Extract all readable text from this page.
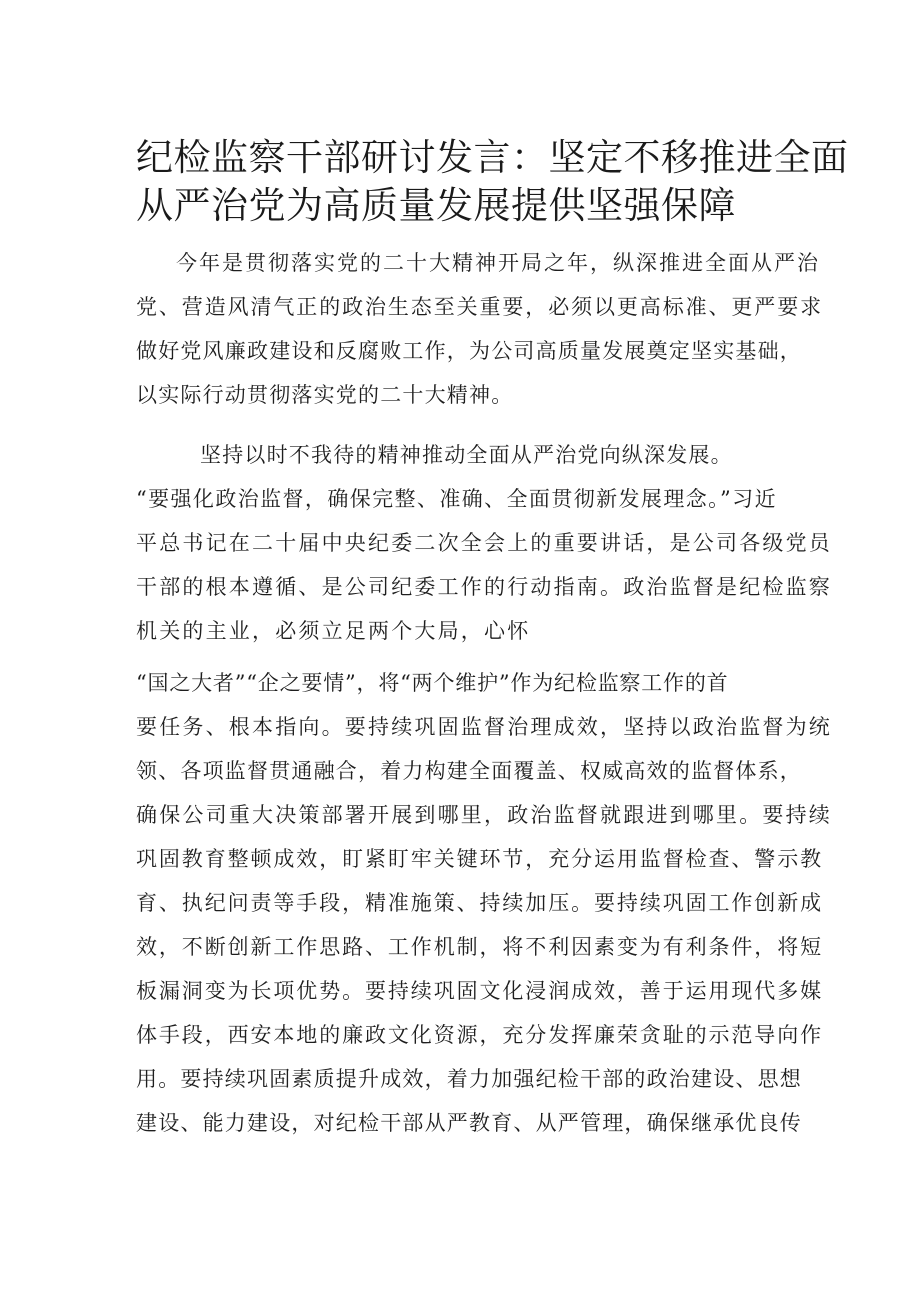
纪检监察干部研讨发言：坚定不移推进全面
从严治党为高质量发展提供坚强保障

今年是贯彻落实党的二十大精神开局之年，纵深推进全面从严治

党、营造风清气正的政治生态至关重要，必须以更高标准、更严要求

做好党风廉政建设和反腐败工作，为公司高质量发展奠定坚实基础，

以实际行动贯彻落实党的二十大精神。

坚持以时不我待的精神推动全面从严治党向纵深发展。

“要强化政治监督，确保完整、准确、全面贯彻新发展理念。”习近

平总书记在二十届中央纪委二次全会上的重要讲话，是公司各级党员

干部的根本遵循、是公司纪委工作的行动指南。政治监督是纪检监察

机关的主业，必须立足两个大局，心怀

“国之大者”“企之要情”，将“两个维护”作为纪检监察工作的首

要任务、根本指向。要持续巩固监督治理成效，坚持以政治监督为统

领、各项监督贯通融合，着力构建全面覆盖、权威高效的监督体系，

确保公司重大决策部署开展到哪里，政治监督就跟进到哪里。要持续

巩固教育整顿成效，盯紧盯牢关键环节，充分运用监督检查、警示教

育、执纪问责等手段，精准施策、持续加压。要持续巩固工作创新成

效，不断创新工作思路、工作机制，将不利因素变为有利条件，将短

板漏洞变为长项优势。要持续巩固文化浸润成效，善于运用现代多媒

体手段，西安本地的廉政文化资源，充分发挥廉荣贪耻的示范导向作

用。要持续巩固素质提升成效，着力加强纪检干部的政治建设、思想

建设、能力建设，对纪检干部从严教育、从严管理，确保继承优良传
